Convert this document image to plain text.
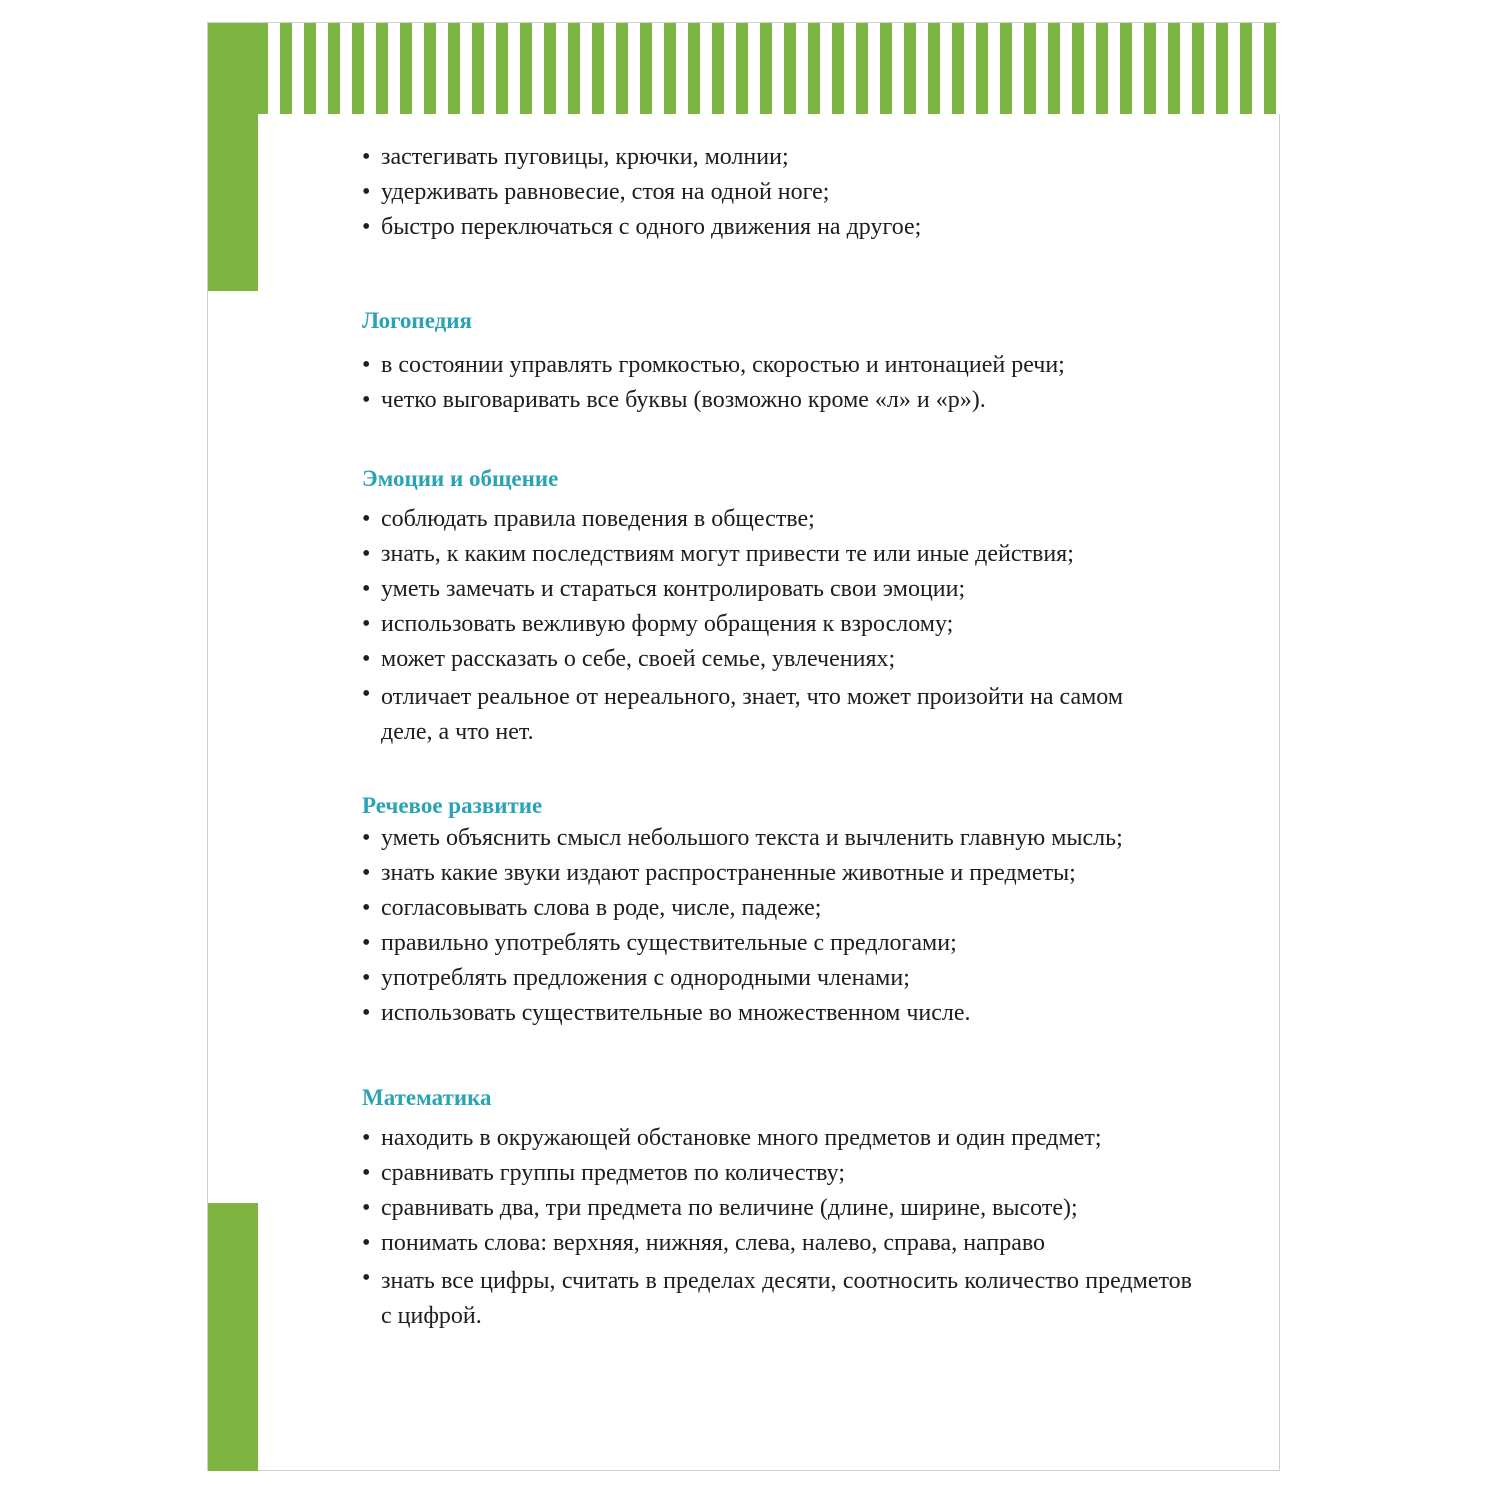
• застегивать пуговицы, крючки, молнии;
• удерживать равновесие, стоя на одной ноге;
• быстро переключаться с одного движения на другое;
Логопедия
• в состоянии управлять громкостью, скоростью и интонацией речи;
• четко выговаривать все буквы (возможно кроме «л» и «р»).
Эмоции и общение
• соблюдать правила поведения в обществе;
• знать, к каким последствиям могут привести те или иные действия;
• уметь замечать и стараться контролировать свои эмоции;
• использовать вежливую форму обращения к взрослому;
• может рассказать о себе, своей семье, увлечениях;
• отличает реальное от нереального, знает, что может произойти на самом деле, а что нет.
Речевое развитие
• уметь объяснить смысл небольшого текста и вычленить главную мысль;
• знать какие звуки издают распространенные животные и предметы;
• согласовывать слова в роде, числе, падеже;
• правильно употреблять существительные с предлогами;
• употреблять предложения с однородными членами;
• использовать существительные во множественном числе.
Математика
• находить в окружающей обстановке много предметов и один предмет;
• сравнивать группы предметов по количеству;
• сравнивать два, три предмета по величине (длине, ширине, высоте);
• понимать слова: верхняя, нижняя, слева, налево, справа, направо
• знать все цифры, считать в пределах десяти, соотносить количество предметов с цифрой.
